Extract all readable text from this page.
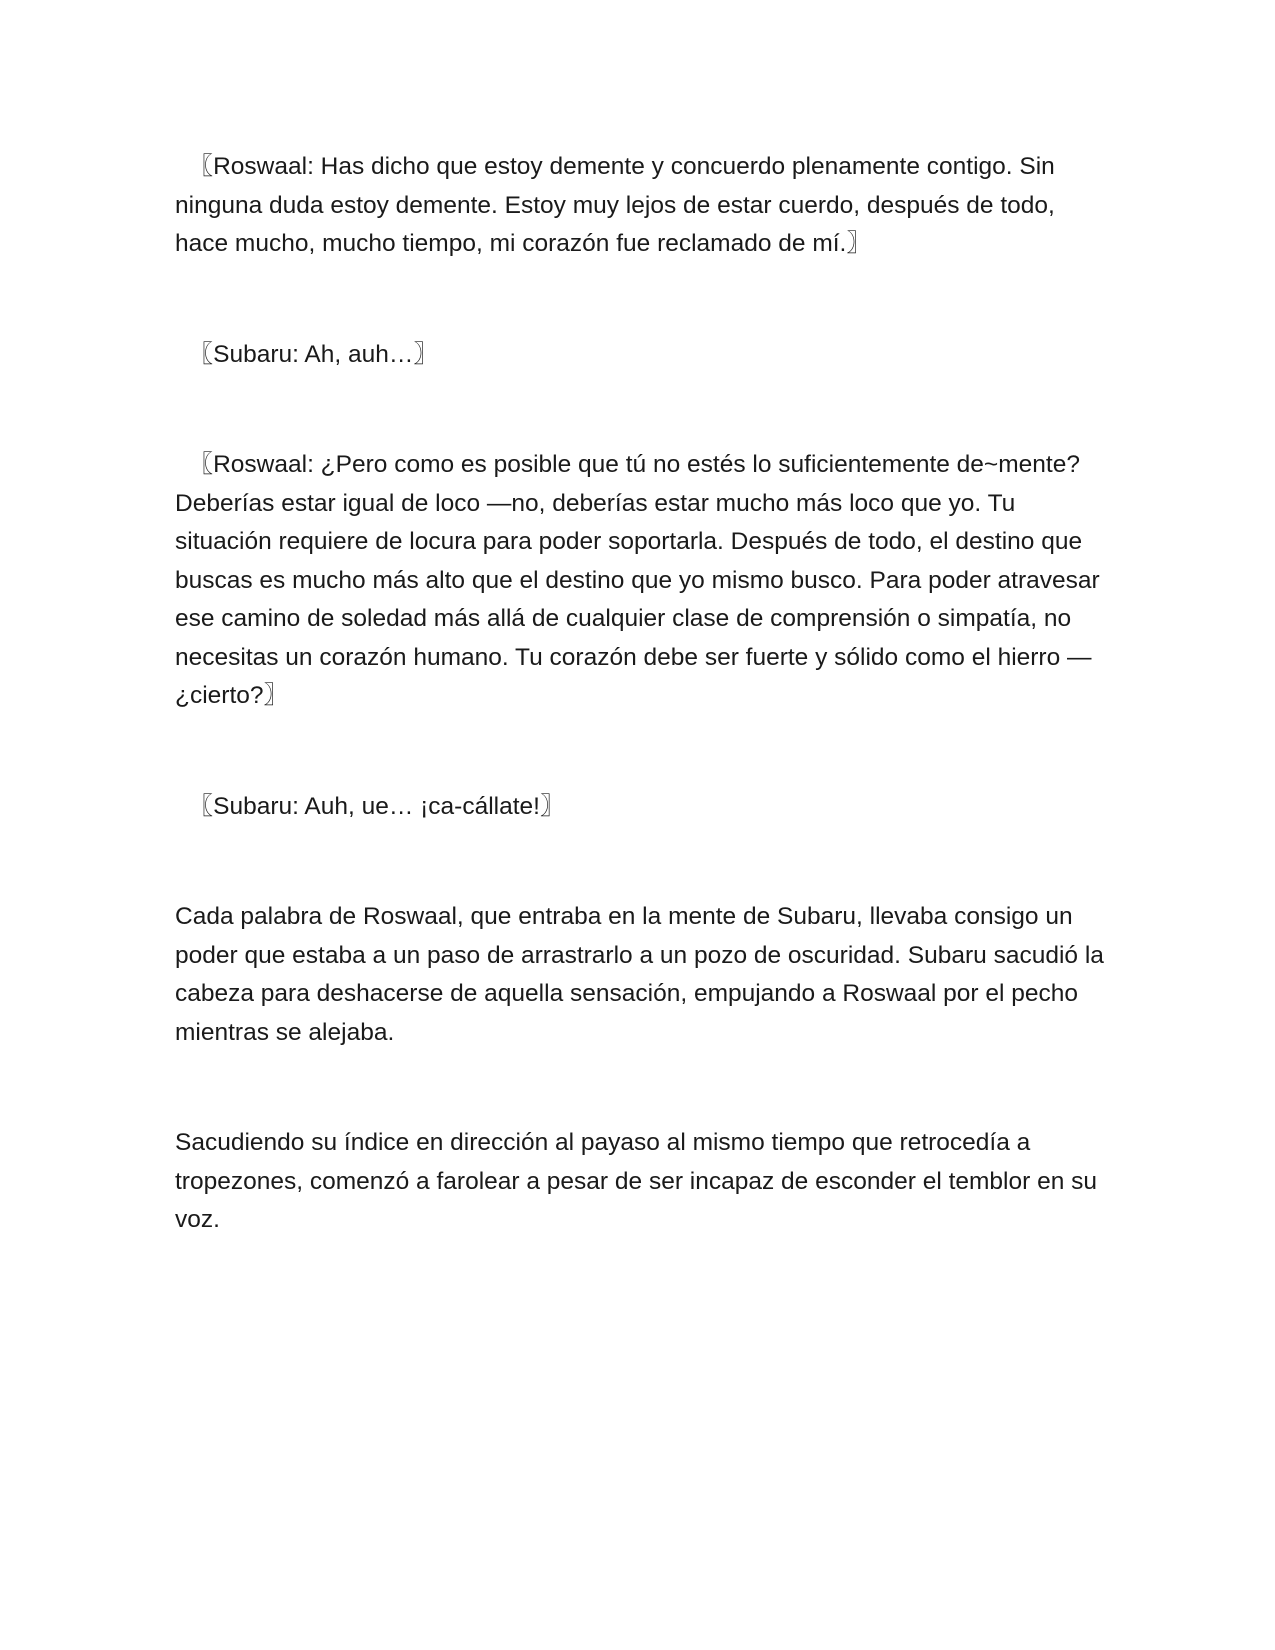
〖Roswaal: Has dicho que estoy demente y concuerdo plenamente contigo. Sin ninguna duda estoy demente. Estoy muy lejos de estar cuerdo, después de todo, hace mucho, mucho tiempo, mi corazón fue reclamado de mí.〗

〖Subaru: Ah, auh…〗

〖Roswaal: ¿Pero como es posible que tú no estés lo suficientemente de~mente? Deberías estar igual de loco —no, deberías estar mucho más loco que yo. Tu situación requiere de locura para poder soportarla. Después de todo, el destino que buscas es mucho más alto que el destino que yo mismo busco. Para poder atravesar ese camino de soledad más allá de cualquier clase de comprensión o simpatía, no necesitas un corazón humano. Tu corazón debe ser fuerte y sólido como el hierro —¿cierto?〗

〖Subaru: Auh, ue… ¡ca-cállate!〗

Cada palabra de Roswaal, que entraba en la mente de Subaru, llevaba consigo un poder que estaba a un paso de arrastrarlo a un pozo de oscuridad. Subaru sacudió la cabeza para deshacerse de aquella sensación, empujando a Roswaal por el pecho mientras se alejaba.

Sacudiendo su índice en dirección al payaso al mismo tiempo que retrocedía a tropezones, comenzó a farolear a pesar de ser incapaz de esconder el temblor en su voz.
